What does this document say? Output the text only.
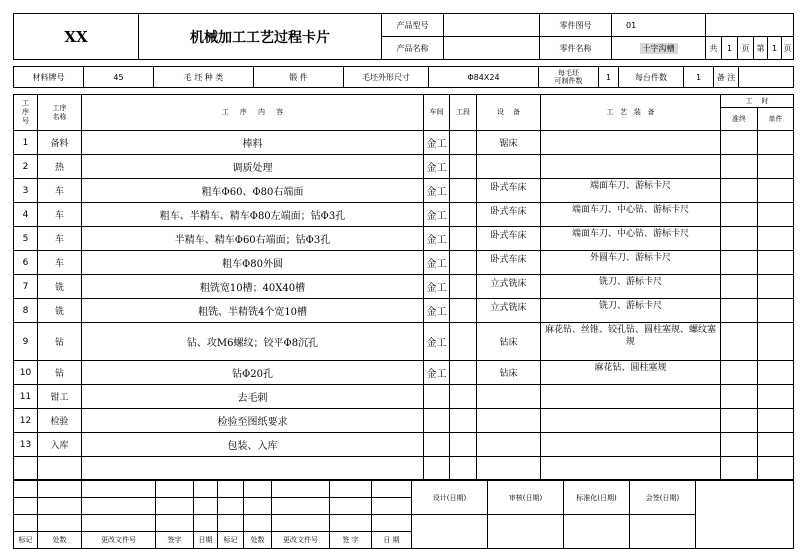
XX	机械加工工艺过程卡片	产品型号		零件图号	01						
		产品名称		零件名称	十字沟槽	共	1	页	第	1	页
材料牌号	45	毛 坯 种 类	锻 件	毛坯外形尺寸	Φ84X24	每毛坯
可制件数	1	每台件数	1	备 注	
工序号	工序名称	工     序     内     容	车间	工段	设    备	工   艺   装   备	工    时	
							准终	单件
1	备料	棒料	金工		锯床			
2	热	调质处理	金工					
3	车	粗车Φ60、Φ80右端面	金工		卧式车床	端面车刀、游标卡尺		
4	车	粗车、半精车、精车Φ80左端面；钻Φ3孔	金工		卧式车床	端面车刀、中心钻、游标卡尺		
5	车	半精车、精车Φ60右端面；钻Φ3孔	金工		卧式车床	端面车刀、中心钻、游标卡尺		
6	车	粗车Φ80外圆	金工		卧式车床	外圆车刀、游标卡尺		
7	铣	粗铣宽10槽；40X40槽	金工		立式铣床	铣刀、游标卡尺		
8	铣	粗铣、半精铣4个宽10槽	金工		立式铣床	铣刀、游标卡尺		
9	钻	钻、攻M6螺纹；铰平Φ8沉孔	金工		钻床	麻花钻、丝锥、铰孔钻、圆柱塞规、螺纹塞规		
10	钻	钻Φ20孔	金工		钻床	麻花钻、圆柱塞规		
11	钳工	去毛刺						
12	检验	检验至图纸要求						
13	入库	包装、入库						

										设计(日期)	审核(日期)	标准化(日期)	会签(日期)	

标记	处数	更改文件号	签字	日期	标记	处数	更改文件号	签 字	日 期					
